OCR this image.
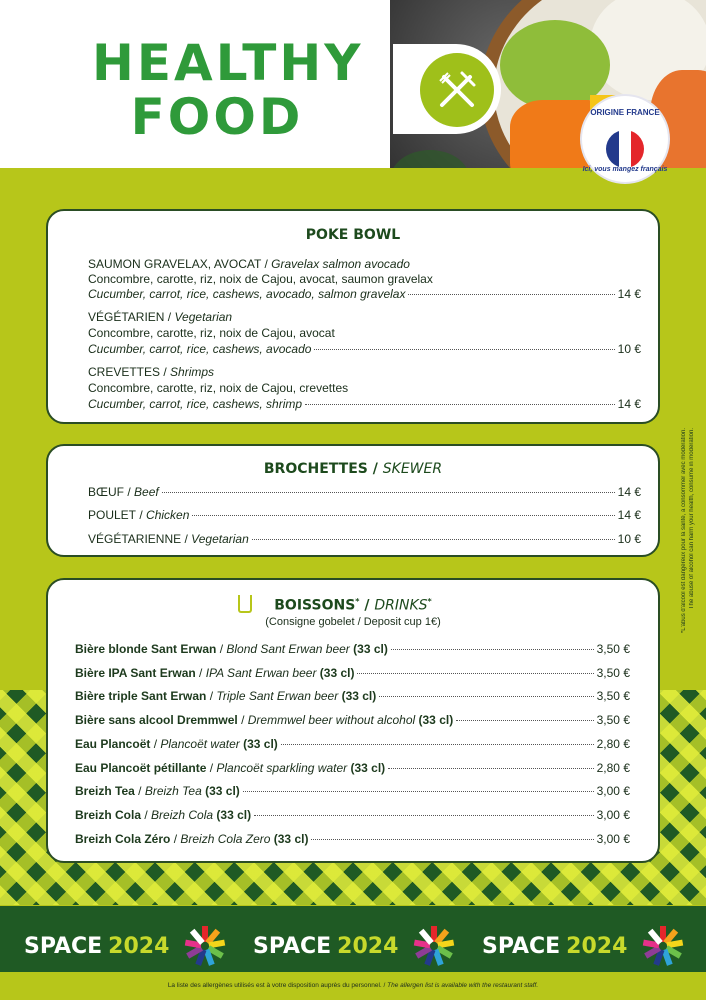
HEALTHY
FOOD	ORIGINE FRANCE
Ici, vous mangez français
POKE BOWL
SAUMON GRAVELAX, AVOCAT / Gravelax salmon avocado
Concombre, carotte, riz, noix de Cajou, avocat, saumon gravelax
Cucumber, carrot, rice, cashews, avocado, salmon gravelax	14 €
VÉGÉTARIEN / Vegetarian
Concombre, carotte, riz, noix de Cajou, avocat
Cucumber, carrot, rice, cashews, avocado	10 €
CREVETTES / Shrimps
Concombre, carotte, riz, noix de Cajou, crevettes
Cucumber, carrot, rice, cashews, shrimp	14 €
BROCHETTES / SKEWER
BŒUF / Beef	14 €
POULET / Chicken	14 €
VÉGÉTARIENNE / Vegetarian	10 €
BOISSONS* / DRINKS*
(Consigne gobelet / Deposit cup 1€)
Bière blonde Sant Erwan / Blond Sant Erwan beer
(33 cl)	3,50 €
Bière IPA Sant Erwan / IPA Sant Erwan beer
(33 cl)	3,50 €
Bière triple Sant Erwan / Triple Sant Erwan beer
(33 cl)	3,50 €
Bière sans alcool Dremmwel / Dremmwel beer without alcohol
(33 cl)	3,50 €
Eau Plancoët / Plancoët water
(33 cl)	2,80 €
Eau Plancoët pétillante / Plancoët sparkling water
(33 cl)	2,80 €
Breizh Tea / Breizh Tea
(33 cl)	3,00 €
Breizh Cola / Breizh Cola
(33 cl)	3,00 €
Breizh Cola Zéro / Breizh Cola Zero
(33 cl)	3,00 €
*L'abus d'alcool est dangereux pour la santé, à consommer avec modération. The abuse of alcohol can harm your health, consume in moderation.
SPACE 2024	SPACE 2024	SPACE 2024
La liste des allergènes utilisés est à votre disposition auprès du personnel. / The allergen list is available with the restaurant staff.
